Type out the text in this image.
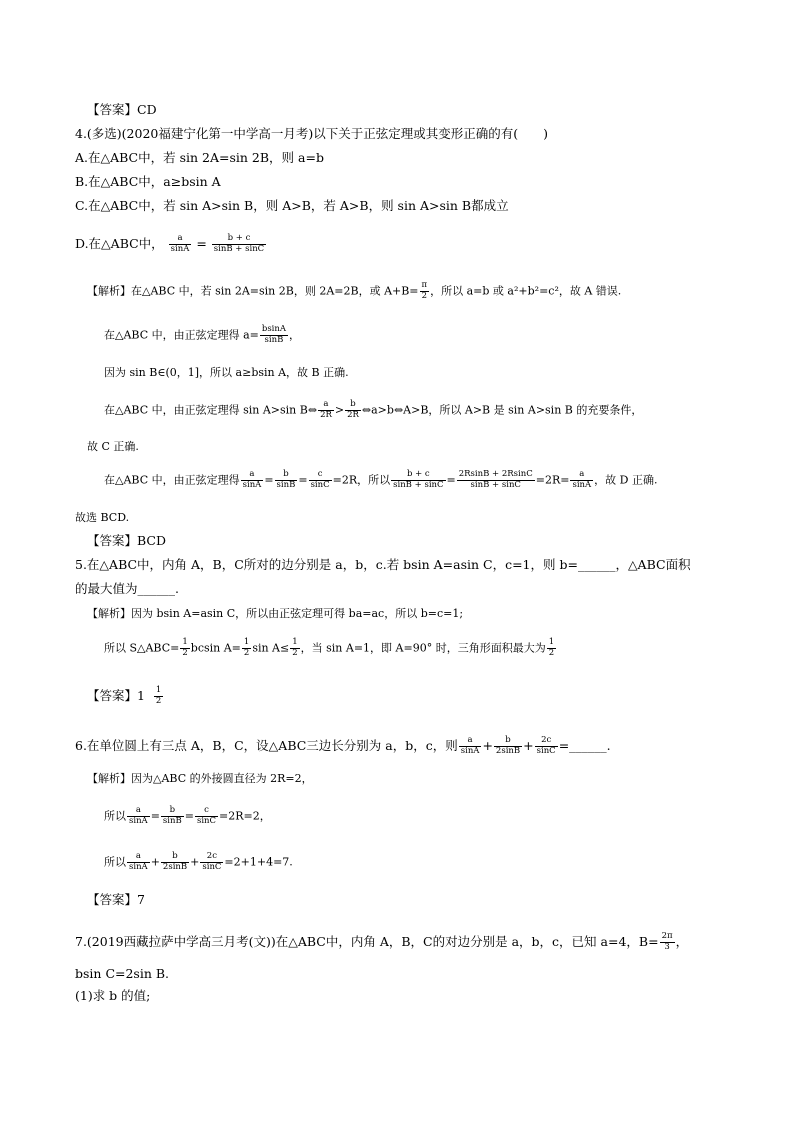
【答案】CD
4.(多选)(2020福建宁化第一中学高一月考)以下关于正弦定理或其变形正确的有(　　)
A.在△ABC中，若 sin 2A=sin 2B，则 a=b
B.在△ABC中，a≥bsin A
C.在△ABC中，若 sin A>sin B，则 A>B，若 A>B，则 sin A>sin B都成立
D.在△ABC中， $\frac{a}{\sin A} = \frac{b + c}{\sin B + \sin C}$
【解析】在△ABC 中，若 sin 2A=sin 2B，则 2A=2B，或 $A+B= \frac{\pi}{2}$ ，所以 a=b 或 a²+b²=c²，故 A 错误.
在△ABC 中，由正弦定理得 $a= \frac{bsinA}{\sin B}$ ，
因为 sin B∈(0，1]，所以 a≥bsin A，故 B 正确.
在△ABC 中，由正弦定理得 sin A>sin B⇔ $\frac{a}{2R} > \frac{b}{2R}$ ⇔a>b⇔A>B，所以 A>B 是 sin A>sin B 的充要条件，
故 C 正确.
在△ABC 中，由正弦定理得 $\frac{a}{\sin A} = \frac{b}{\sin B} = \frac{c}{\sin C} =2R$，所以 $\frac{b + c}{\sin B + \sin C} = \frac{2RsinB + 2RsinC}{\sin B + \sin C} =2R= \frac{a}{\sin A}$ ，故 D 正确.
故选 BCD.
【答案】BCD
5.在△ABC中，内角 A，B，C所对的边分别是 a，b，c.若 bsin A=asin C，c=1，则 b=______，△ABC面积
的最大值为______.
【解析】因为 bsin A=asin C，所以由正弦定理可得 ba=ac，所以 b=c=1;
所以 S△ABC= $\frac{1}{2}$ bcsin $A= \frac{1}{2}$ $\sin A\le \frac{1}{2}$ ，当 sin A=1，即 A=90° 时，三角形面积最大为 $\frac{1}{2}$
【答案】$1 \frac{1}{2}$
6.在单位圆上有三点 A，B，C，设△ABC三边长分别为 a，b，c，则 $\frac{a}{\sin A} + \frac{b}{2\sin B} + \frac{2c}{\sin C}$ =______.
【解析】因为△ABC 的外接圆直径为 2R=2，
所以 $\frac{a}{\sin A} = \frac{b}{\sin B} = \frac{c}{\sin C} =2R=2$，
所以 $\frac{a}{\sin A} + \frac{b}{2\sin B} + \frac{2c}{\sin C} =2+1+4=7$.
【答案】7
7.(2019西藏拉萨中学高三月考(文))在△ABC中，内角 A，B，C的对边分别是 a，b，c，已知 a=4，$B= \frac{2\pi}{3}$ ，
bsin C=2sin B.
(1)求 b 的值;
